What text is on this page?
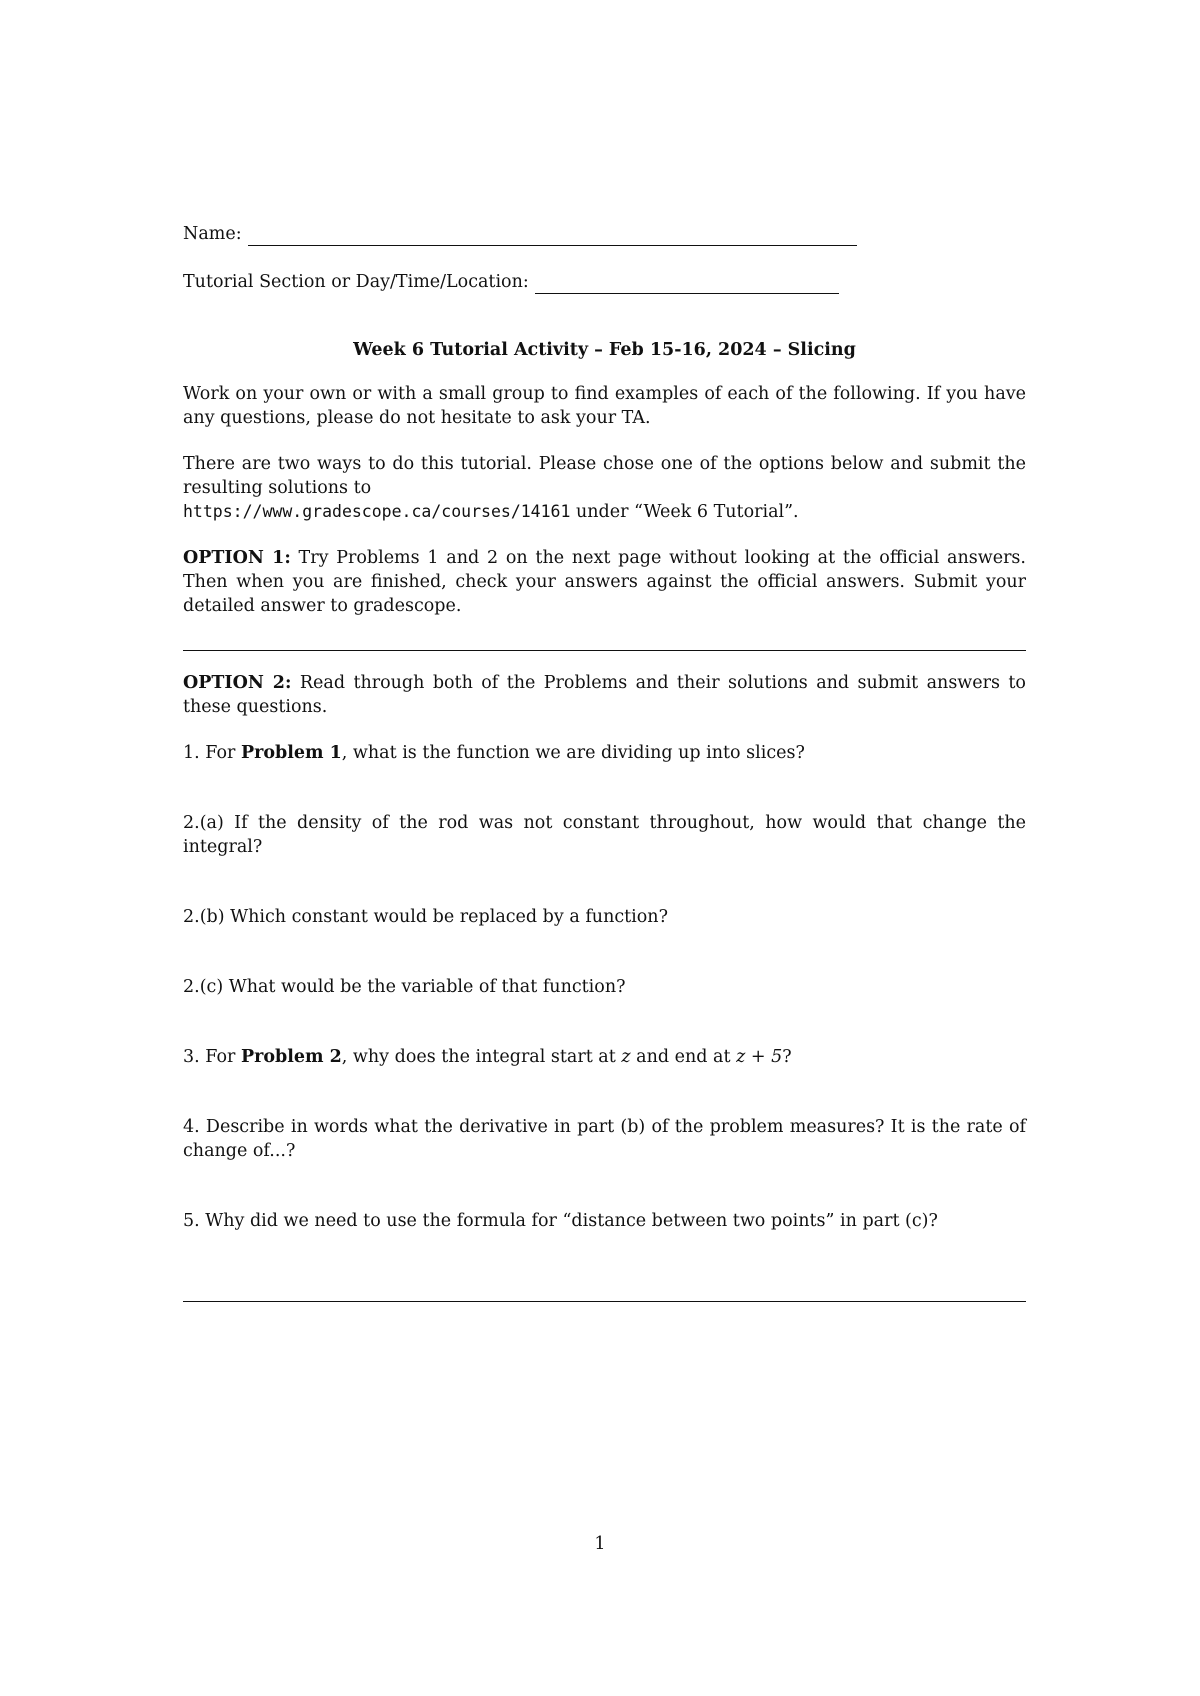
Name:
Tutorial Section or Day/Time/Location:
Week 6 Tutorial Activity – Feb 15-16, 2024 – Slicing

Work on your own or with a small group to find examples of each of the following. If you have any questions, please do not hesitate to ask your TA.

There are two ways to do this tutorial. Please chose one of the options below and submit the resulting solutions to
https://www.gradescope.ca/courses/14161 under “Week 6 Tutorial”.

OPTION 1: Try Problems 1 and 2 on the next page without looking at the official answers. Then when you are finished, check your answers against the official answers. Submit your detailed answer to gradescope.

OPTION 2: Read through both of the Problems and their solutions and submit answers to these questions.

1. For Problem 1, what is the function we are dividing up into slices?

2.(a) If the density of the rod was not constant throughout, how would that change the integral?

2.(b) Which constant would be replaced by a function?

2.(c) What would be the variable of that function?

3. For Problem 2, why does the integral start at z and end at z + 5?

4. Describe in words what the derivative in part (b) of the problem measures? It is the rate of change of...?

5. Why did we need to use the formula for “distance between two points” in part (c)?

1
